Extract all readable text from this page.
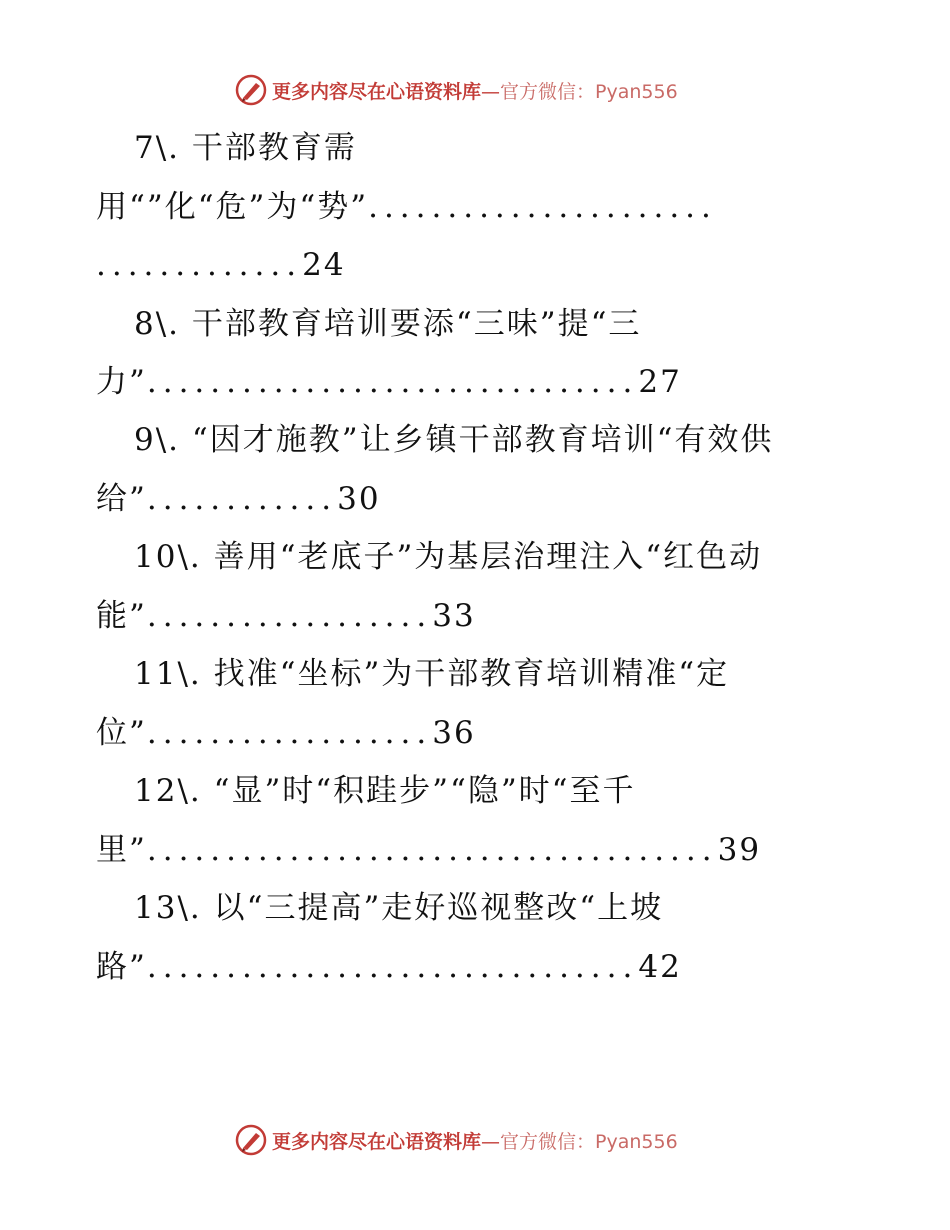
更多内容尽在心语资料库—官方微信：Pyan556
7\. 干部教育需
用“”化“危”为“势”......................
.............24
8\. 干部教育培训要添“三味”提“三
力”...............................27
9\. “因才施教”让乡镇干部教育培训“有效供
给”............30
10\. 善用“老底子”为基层治理注入“红色动
能”..................33
11\. 找准“坐标”为干部教育培训精准“定
位”..................36
12\. “显”时“积跬步”“隐”时“至千
里”....................................39
13\. 以“三提高”走好巡视整改“上坡
路”...............................42
更多内容尽在心语资料库—官方微信：Pyan556
